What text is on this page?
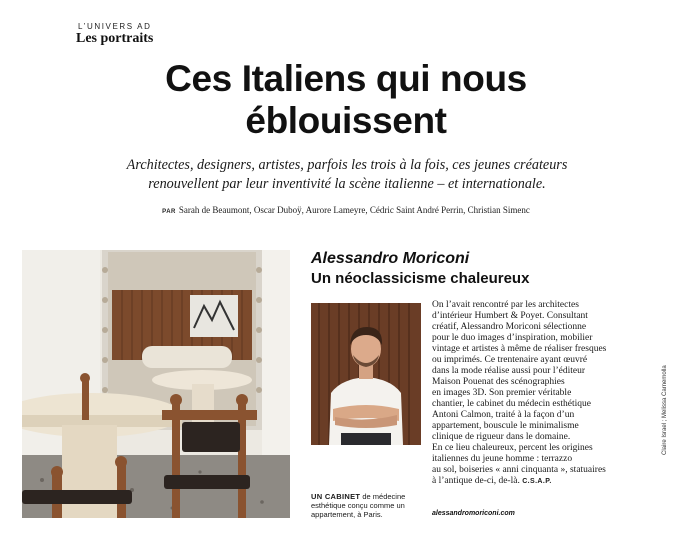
L’UNIVERS AD
Les portraits
Ces Italiens qui nous
éblouissent

Architectes, designers, artistes, parfois les trois à la fois, ces jeunes créateurs
renouvellent par leur inventivité la scène italienne – et internationale.

PAR Sarah de Beaumont, Oscar Duboÿ, Aurore Lameyre, Cédric Saint André Perrin, Christian Simenc

Alessandro Moriconi
Un néoclassicisme chaleureux
On l’avait rencontré par les architectes
d’intérieur Humbert & Poyet. Consultant
créatif, Alessandro Moriconi sélectionne
pour le duo images d’inspiration, mobilier
vintage et artistes à même de réaliser fresques
ou imprimés. Ce trentenaire ayant œuvré
dans la mode réalise aussi pour l’éditeur
Maison Pouenat des scénographies
en images 3D. Son premier véritable
chantier, le cabinet du médecin esthétique
Antoni Calmon, traité à la façon d’un
appartement, bouscule le minimalisme
clinique de rigueur dans le domaine.
En ce lieu chaleureux, percent les origines
italiennes du jeune homme : terrazzo
au sol, boiseries « anni cinquanta », statuaires
à l’antique de-ci, de-là. C.S.A.P.
alessandromoriconi.com

UN CABINET de médecine esthétique conçu comme un appartement, à Paris.

Claire Israel ; Melissa Carnemolla
